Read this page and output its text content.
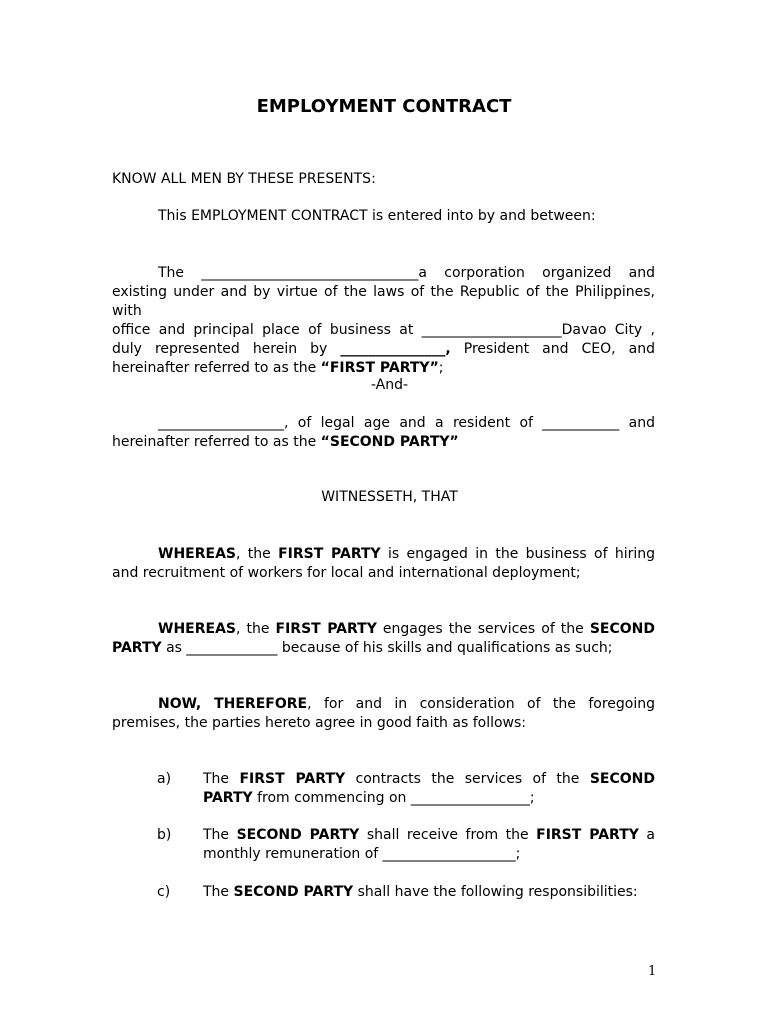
EMPLOYMENT CONTRACT

KNOW ALL MEN BY THESE PRESENTS:

This EMPLOYMENT CONTRACT is entered into by and between:

The _______________________________a corporation organized and
existing under and by virtue of the laws of the Republic of the Philippines, with
office and principal place of business at ____________________Davao City ,
duly represented herein by _______________, President and CEO, and
hereinafter referred to as the “FIRST PARTY”;

-And-

__________________, of legal age and a resident of ___________ and
hereinafter referred to as the “SECOND PARTY”

WITNESSETH, THAT

WHEREAS, the FIRST PARTY is engaged in the business of hiring and recruitment of workers for local and international deployment;

WHEREAS, the FIRST PARTY engages the services of the SECOND PARTY as _____________ because of his skills and qualifications as such;

NOW, THEREFORE, for and in consideration of the foregoing premises, the parties hereto agree in good faith as follows:

a) The FIRST PARTY contracts the services of the SECOND PARTY from commencing on _________________;
b) The SECOND PARTY shall receive from the FIRST PARTY a monthly remuneration of ___________________;
c) The SECOND PARTY shall have the following responsibilities:
1
